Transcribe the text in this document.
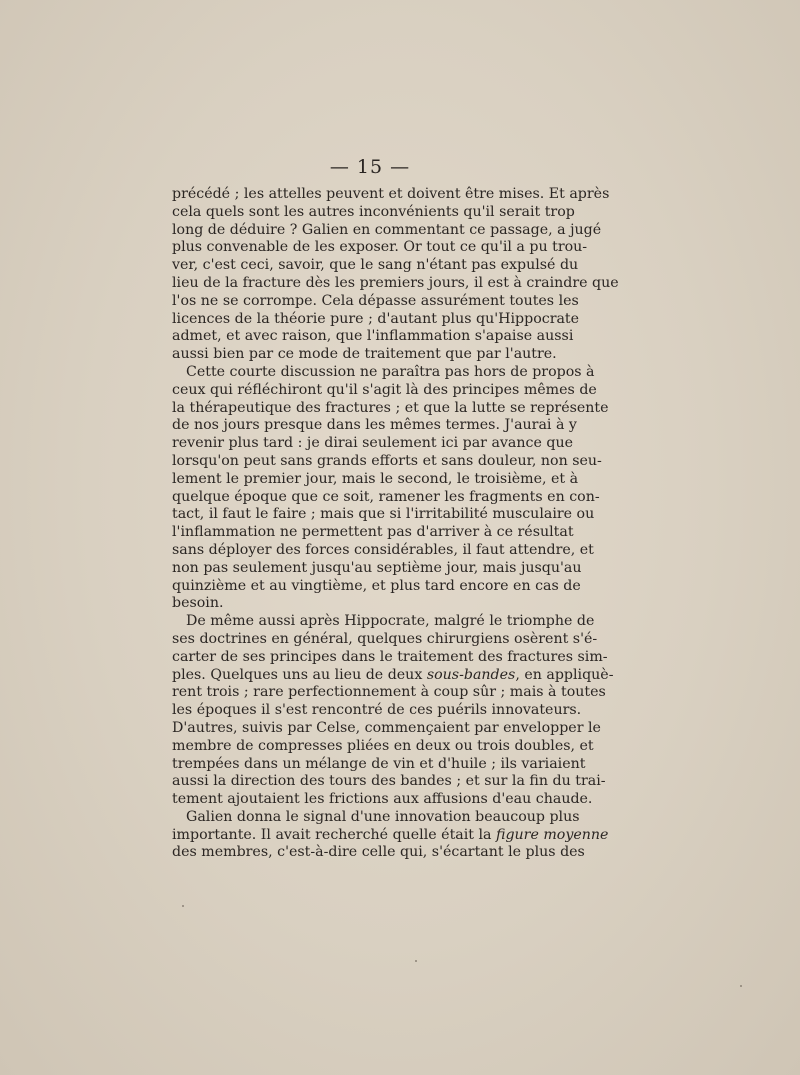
— 15 —
précédé ; les attelles peuvent et doivent être mises. Et après
cela quels sont les autres inconvénients qu'il serait trop
long de déduire ? Galien en commentant ce passage, a jugé
plus convenable de les exposer. Or tout ce qu'il a pu trou-
ver, c'est ceci, savoir, que le sang n'étant pas expulsé du
lieu de la fracture dès les premiers jours, il est à craindre que
l'os ne se corrompe. Cela dépasse assurément toutes les
licences de la théorie pure ; d'autant plus qu'Hippocrate
admet, et avec raison, que l'inflammation s'apaise aussi
aussi bien par ce mode de traitement que par l'autre.
Cette courte discussion ne paraîtra pas hors de propos à
ceux qui réfléchiront qu'il s'agit là des principes mêmes de
la thérapeutique des fractures ; et que la lutte se représente
de nos jours presque dans les mêmes termes. J'aurai à y
revenir plus tard : je dirai seulement ici par avance que
lorsqu'on peut sans grands efforts et sans douleur, non seu-
lement le premier jour, mais le second, le troisième, et à
quelque époque que ce soit, ramener les fragments en con-
tact, il faut le faire ; mais que si l'irritabilité musculaire ou
l'inflammation ne permettent pas d'arriver à ce résultat
sans déployer des forces considérables, il faut attendre, et
non pas seulement jusqu'au septième jour, mais jusqu'au
quinzième et au vingtième, et plus tard encore en cas de
besoin.
De même aussi après Hippocrate, malgré le triomphe de
ses doctrines en général, quelques chirurgiens osèrent s'é-
carter de ses principes dans le traitement des fractures sim-
ples. Quelques uns au lieu de deux sous-bandes, en appliquè-
rent trois ; rare perfectionnement à coup sûr ; mais à toutes
les époques il s'est rencontré de ces puérils innovateurs.
D'autres, suivis par Celse, commençaient par envelopper le
membre de compresses pliées en deux ou trois doubles, et
trempées dans un mélange de vin et d'huile ; ils variaient
aussi la direction des tours des bandes ; et sur la fin du trai-
tement ajoutaient les frictions aux affusions d'eau chaude.
Galien donna le signal d'une innovation beaucoup plus
importante. Il avait recherché quelle était la figure moyenne
des membres, c'est-à-dire celle qui, s'écartant le plus des
